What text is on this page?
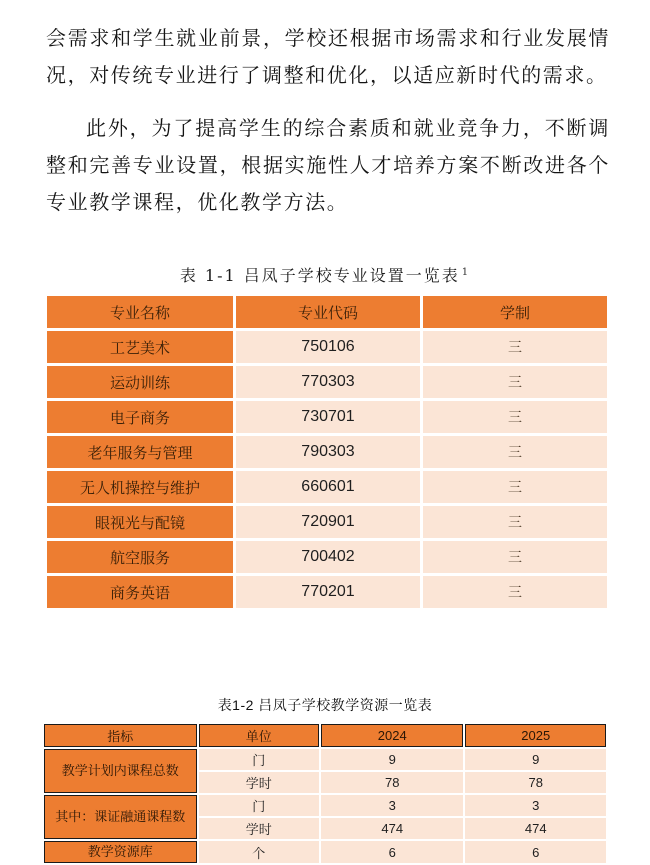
会需求和学生就业前景，学校还根据市场需求和行业发展情况，对传统专业进行了调整和优化，以适应新时代的需求。

此外，为了提高学生的综合素质和就业竞争力，不断调整和完善专业设置，根据实施性人才培养方案不断改进各个专业教学课程，优化教学方法。

表 1-1 吕凤子学校专业设置一览表 $^1$
专业名称	专业代码	学制
工艺美术	750106	三
运动训练	770303	三
电子商务	730701	三
老年服务与管理	790303	三
无人机操控与维护	660601	三
眼视光与配镜	720901	三
航空服务	700402	三
商务英语	770201	三
表1-2 吕凤子学校教学资源一览表
指标	单位	2024	2025
教学计划内课程总数	门	9	9
	学时	78	78
其中：课证融通课程数	门	3	3
	学时	474	474
教学资源库	个	6	6
